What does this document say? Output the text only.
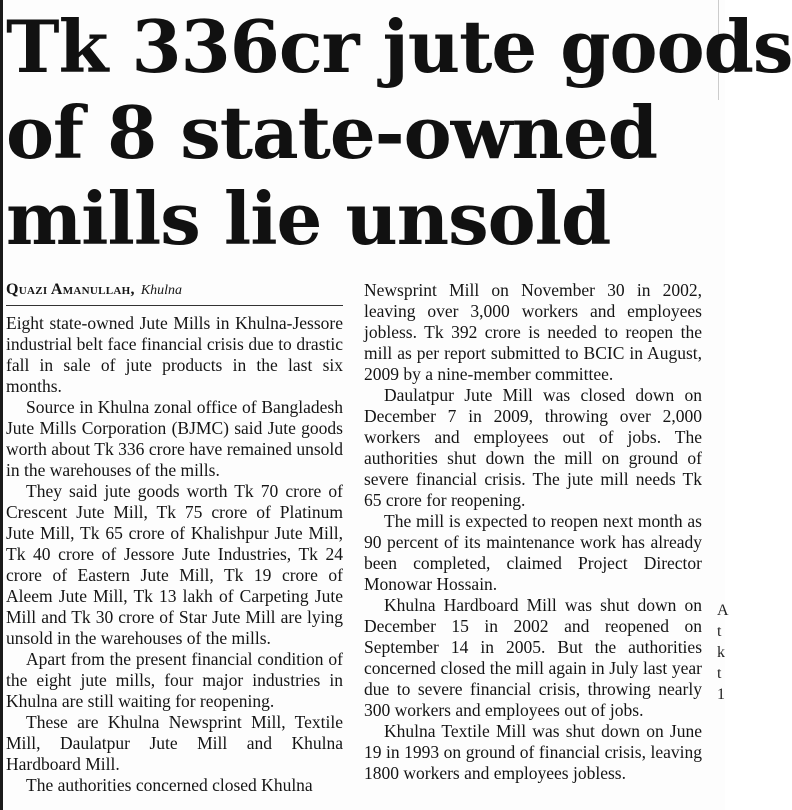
Tk 336cr jute goods
of 8 state-owned
mills lie unsold
Quazi Amanullah, Khulna

Eight state-owned Jute Mills in Khulna-Jessore industrial belt face financial crisis due to drastic fall in sale of jute products in the last six months.

Source in Khulna zonal office of Bangladesh Jute Mills Corporation (BJMC) said Jute goods worth about Tk 336 crore have remained unsold in the warehouses of the mills.

They said jute goods worth Tk 70 crore of Crescent Jute Mill, Tk 75 crore of Platinum Jute Mill, Tk 65 crore of Khalishpur Jute Mill, Tk 40 crore of Jessore Jute Industries, Tk 24 crore of Eastern Jute Mill, Tk 19 crore of Aleem Jute Mill, Tk 13 lakh of Carpeting Jute Mill and Tk 30 crore of Star Jute Mill are lying unsold in the warehouses of the mills.

Apart from the present financial condition of the eight jute mills, four major industries in Khulna are still waiting for reopening.

These are Khulna Newsprint Mill, Textile Mill, Daulatpur Jute Mill and Khulna Hardboard Mill.

The authorities concerned closed Khulna

Newsprint Mill on November 30 in 2002, leaving over 3,000 workers and employees jobless. Tk 392 crore is needed to reopen the mill as per report submitted to BCIC in August, 2009 by a nine-member committee.

Daulatpur Jute Mill was closed down on December 7 in 2009, throwing over 2,000 workers and employees out of jobs. The authorities shut down the mill on ground of severe financial crisis. The jute mill needs Tk 65 crore for reopening.

The mill is expected to reopen next month as 90 percent of its maintenance work has already been completed, claimed Project Director Monowar Hossain.

Khulna Hardboard Mill was shut down on December 15 in 2002 and reopened on September 14 in 2005. But the authorities concerned closed the mill again in July last year due to severe financial crisis, throwing nearly 300 workers and employees out of jobs.

Khulna Textile Mill was shut down on June 19 in 1993 on ground of financial crisis, leaving 1800 workers and employees jobless.

A
t
k
t
1
